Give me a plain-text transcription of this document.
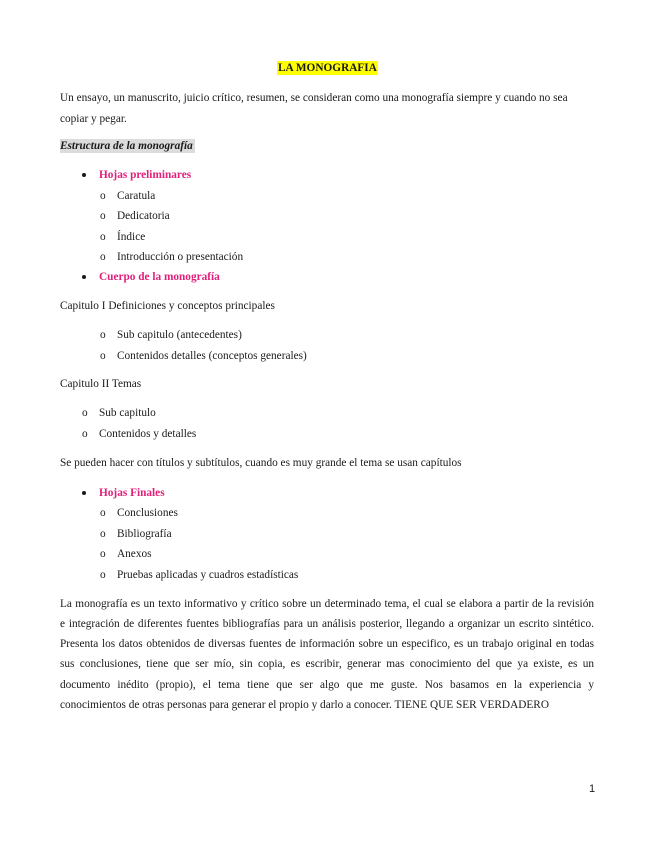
LA MONOGRAFIA

Un ensayo, un manuscrito, juicio crítico, resumen, se consideran como una monografía siempre y cuando no sea

copiar y pegar.

Estructura de la monografía

Hojas preliminares

o Caratula

o Dedicatoria

o Índice

o Introducción o presentación

Cuerpo de la monografía

Capitulo I Definiciones y conceptos principales

o Sub capitulo (antecedentes)

o Contenidos detalles (conceptos generales)

Capitulo II Temas

o Sub capitulo

o Contenidos y detalles

Se pueden hacer con títulos y subtítulos, cuando es muy grande el tema se usan capítulos

Hojas Finales

o Conclusiones

o Bibliografía

o Anexos

o Pruebas aplicadas y cuadros estadísticas

La monografía es un texto informativo y crítico sobre un determinado tema, el cual se elabora a partir de la revisión

e integración de diferentes fuentes bibliografías para un análisis posterior, llegando a organizar un escrito sintético.

Presenta los datos obtenidos de diversas fuentes de información sobre un especifico, es un trabajo original en todas

sus conclusiones, tiene que ser mío, sin copia, es escribir, generar mas conocimiento del que ya existe, es un

documento inédito (propio), el tema tiene que ser algo que me guste. Nos basamos en la experiencia y

conocimientos de otras personas para generar el propio y darlo a conocer. TIENE QUE SER VERDADERO

1
